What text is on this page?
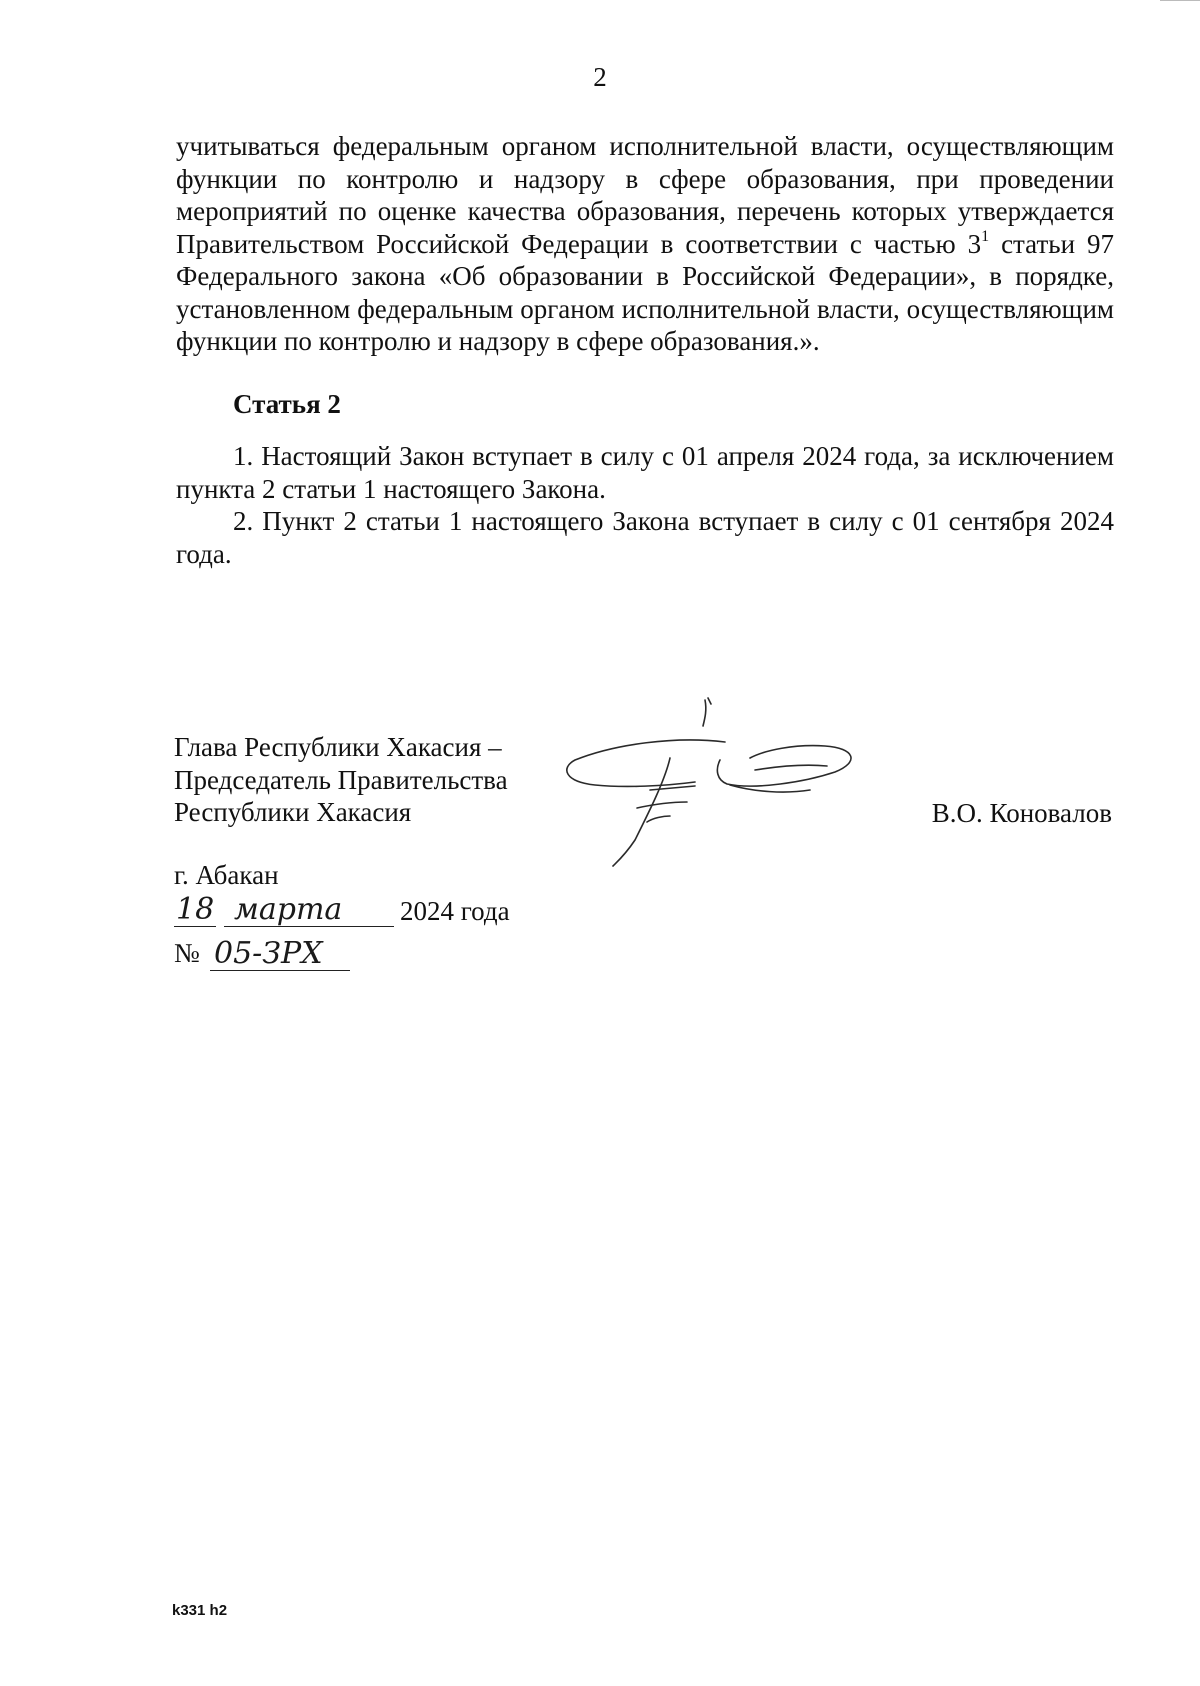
2
учитываться федеральным органом исполнительной власти, осуществляющим функции по контролю и надзору в сфере образования, при проведении мероприятий по оценке качества образования, перечень которых утверждается Правительством Российской Федерации в соответствии с частью $3^1$ статьи 97 Федерального закона «Об образовании в Российской Федерации», в порядке, установленном федеральным органом исполнительной власти, осуществляющим функции по контролю и надзору в сфере образования.».
Статья 2

1. Настоящий Закон вступает в силу с 01 апреля 2024 года, за исключением пункта 2 статьи 1 настоящего Закона.

2. Пункт 2 статьи 1 настоящего Закона вступает в силу с 01 сентября 2024 года.

Глава Республики Хакасия –
Председатель Правительства
Республики Хакасия	В.О. Коновалов
г. Абакан
18 марта 2024 года
№ 05-ЗРХ
k331 h2
